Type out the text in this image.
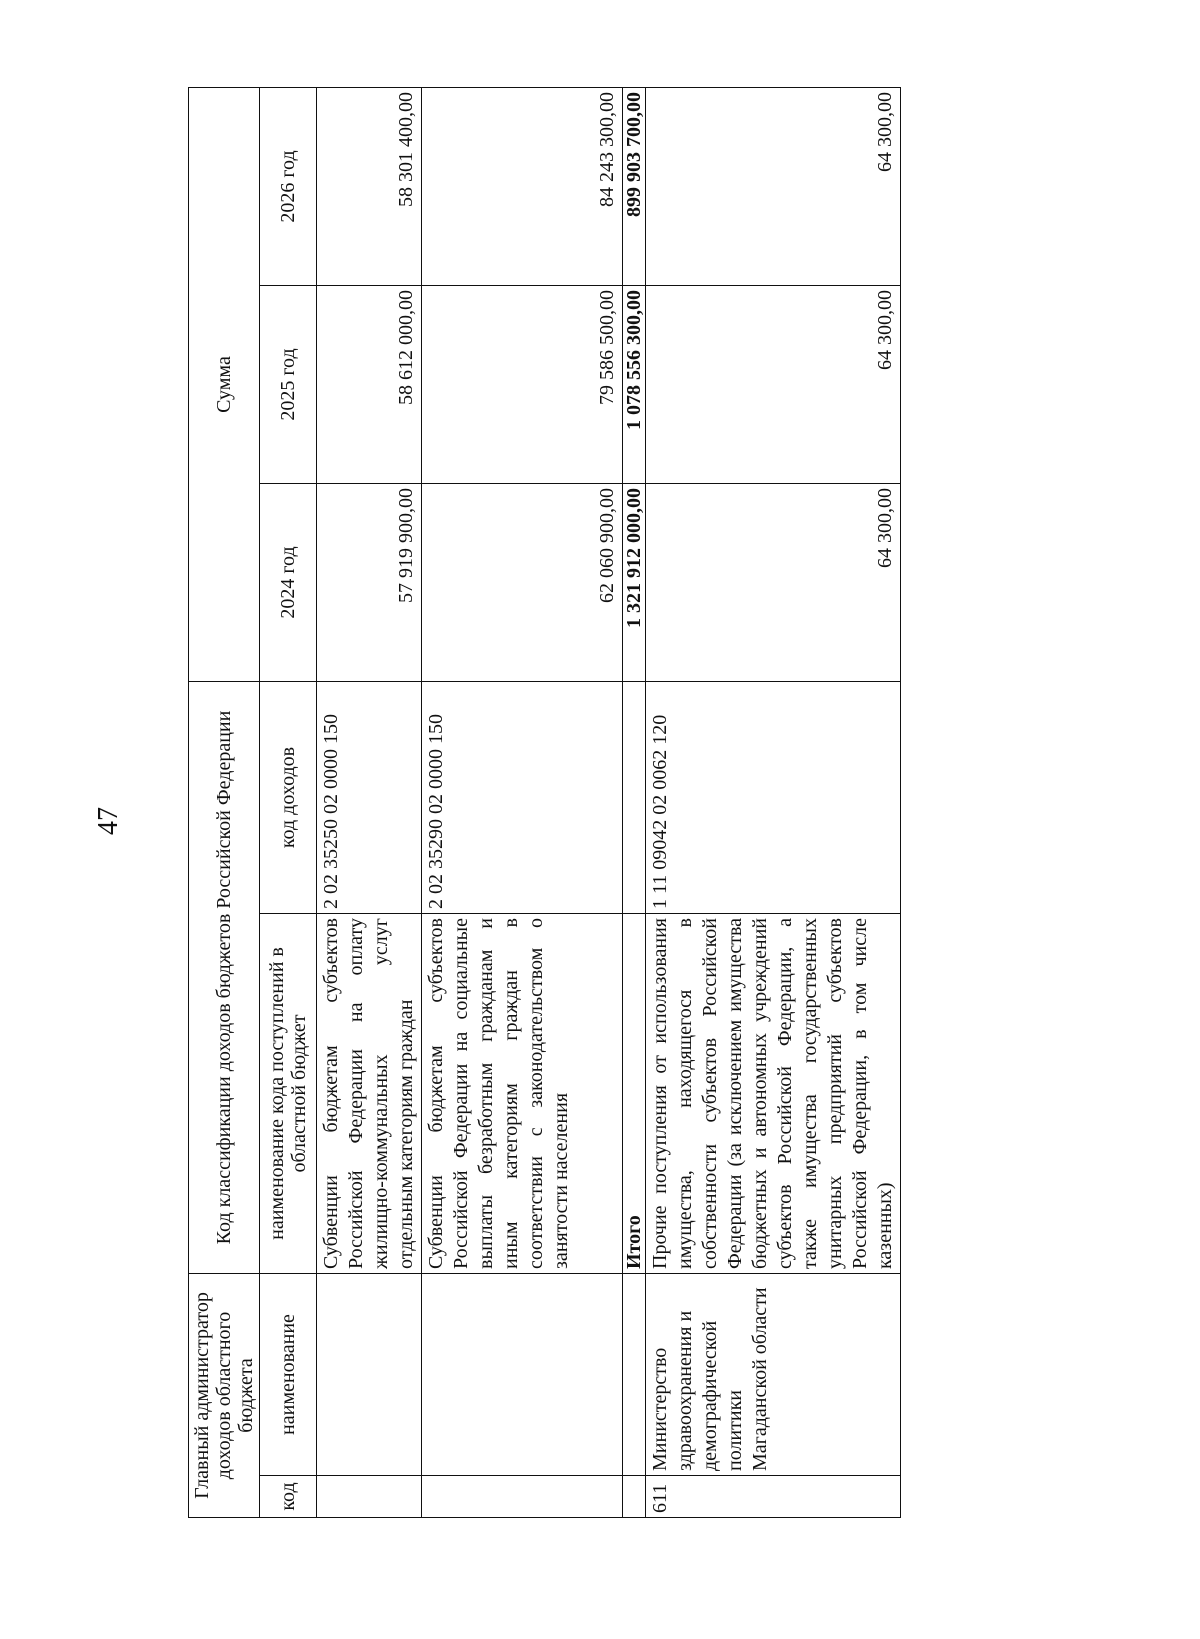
47
Главный администратор доходов областного бюджета		Код классификации доходов бюджетов Российской Федерации		Сумма		
код	наименование	наименование кода поступлений в областной бюджет	код доходов	2024 год	2025 год	2026 год
		Субвенции бюджетам субъектов Российской Федерации на оплату жилищно-коммунальных услуг отдельным категориям граждан	2 02 35250 02 0000 150	57 919 900,00	58 612 000,00	58 301 400,00
		Субвенции бюджетам субъектов Российской Федерации на социальные выплаты безработным гражданам и иным категориям граждан в соответствии с законодательством о занятости населения	2 02 35290 02 0000 150	62 060 900,00	79 586 500,00	84 243 300,00
		Итого		1 321 912 000,00	1 078 556 300,00	899 903 700,00
611	Министерство здравоохранения и демографической политики Магаданской области	Прочие поступления от использования имущества, находящегося в собственности субъектов Российской Федерации (за исключением имущества бюджетных и автономных учреждений субъектов Российской Федерации, а также имущества государственных унитарных предприятий субъектов Российской Федерации, в том числе казенных)	1 11 09042 02 0062 120	64 300,00	64 300,00	64 300,00
